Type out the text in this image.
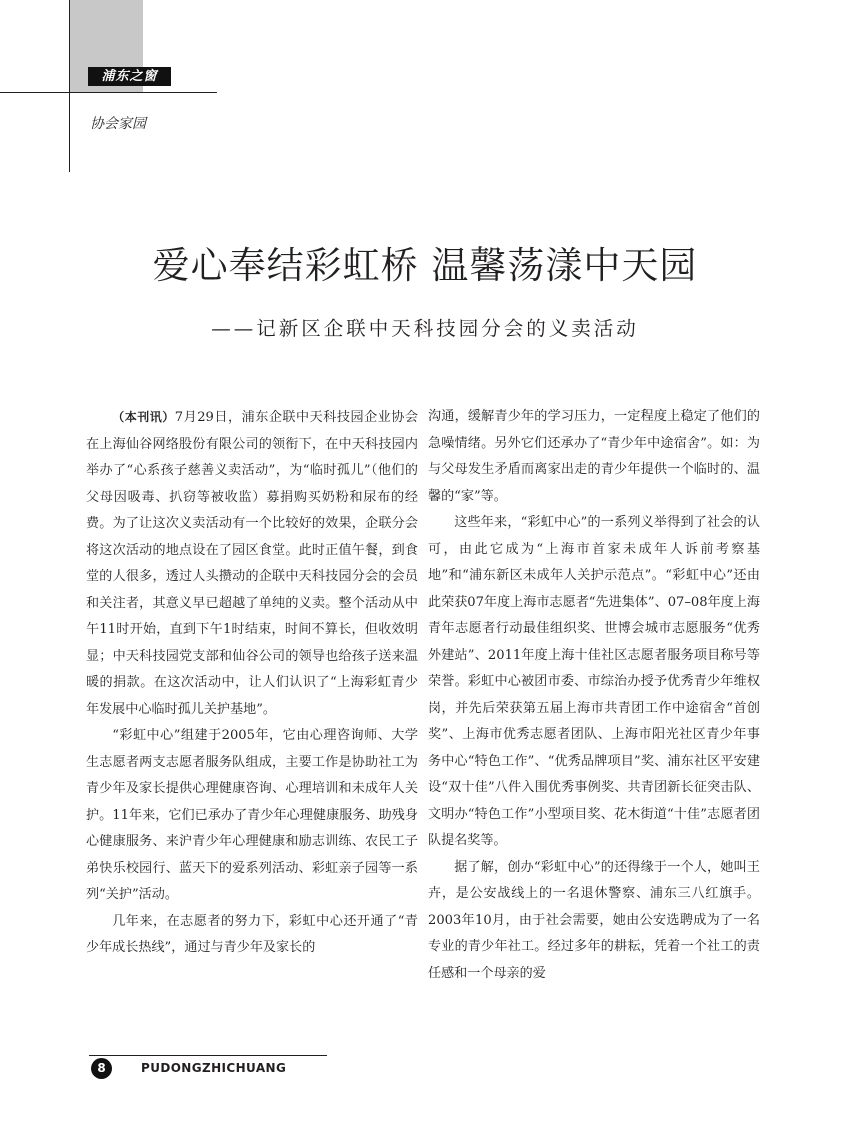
浦东之窗
协会家园
爱心奉结彩虹桥 温馨荡漾中天园
——记新区企联中天科技园分会的义卖活动

（本刊讯）7月29日，浦东企联中天科技园企业协会在上海仙谷网络股份有限公司的领衔下，在中天科技园内举办了“心系孩子慈善义卖活动”，为“临时孤儿”（他们的父母因吸毒、扒窃等被收监）募捐购买奶粉和尿布的经费。为了让这次义卖活动有一个比较好的效果，企联分会将这次活动的地点设在了园区食堂。此时正值午餐，到食堂的人很多，透过人头攒动的企联中天科技园分会的会员和关注者，其意义早已超越了单纯的义卖。整个活动从中午11时开始，直到下午1时结束，时间不算长，但收效明显；中天科技园党支部和仙谷公司的领导也给孩子送来温暖的捐款。在这次活动中，让人们认识了“上海彩虹青少年发展中心临时孤儿关护基地”。

“彩虹中心”组建于2005年，它由心理咨询师、大学生志愿者两支志愿者服务队组成，主要工作是协助社工为青少年及家长提供心理健康咨询、心理培训和未成年人关护。11年来，它们已承办了青少年心理健康服务、助残身心健康服务、来沪青少年心理健康和励志训练、农民工子弟快乐校园行、蓝天下的爱系列活动、彩虹亲子园等一系列“关护”活动。

几年来，在志愿者的努力下，彩虹中心还开通了“青少年成长热线”，通过与青少年及家长的

沟通，缓解青少年的学习压力，一定程度上稳定了他们的急噪情绪。另外它们还承办了“青少年中途宿舍”。如：为与父母发生矛盾而离家出走的青少年提供一个临时的、温馨的“家”等。

这些年来，“彩虹中心”的一系列义举得到了社会的认可，由此它成为“上海市首家未成年人诉前考察基地”和“浦东新区未成年人关护示范点”。“彩虹中心”还由此荣获07年度上海市志愿者“先进集体”、07–08年度上海青年志愿者行动最佳组织奖、世博会城市志愿服务“优秀外建站”、2011年度上海十佳社区志愿者服务项目称号等荣誉。彩虹中心被团市委、市综治办授予优秀青少年维权岗，并先后荣获第五届上海市共青团工作中途宿舍“首创奖”、上海市优秀志愿者团队、上海市阳光社区青少年事务中心“特色工作”、“优秀品牌项目”奖、浦东社区平安建设“双十佳”八件入围优秀事例奖、共青团新长征突击队、文明办“特色工作”小型项目奖、花木街道“十佳”志愿者团队提名奖等。

据了解，创办“彩虹中心”的还得缘于一个人，她叫王卉，是公安战线上的一名退休警察、浦东三八红旗手。2003年10月，由于社会需要，她由公安选聘成为了一名专业的青少年社工。经过多年的耕耘，凭着一个社工的责任感和一个母亲的爱

8	PUDONGZHICHUANG
